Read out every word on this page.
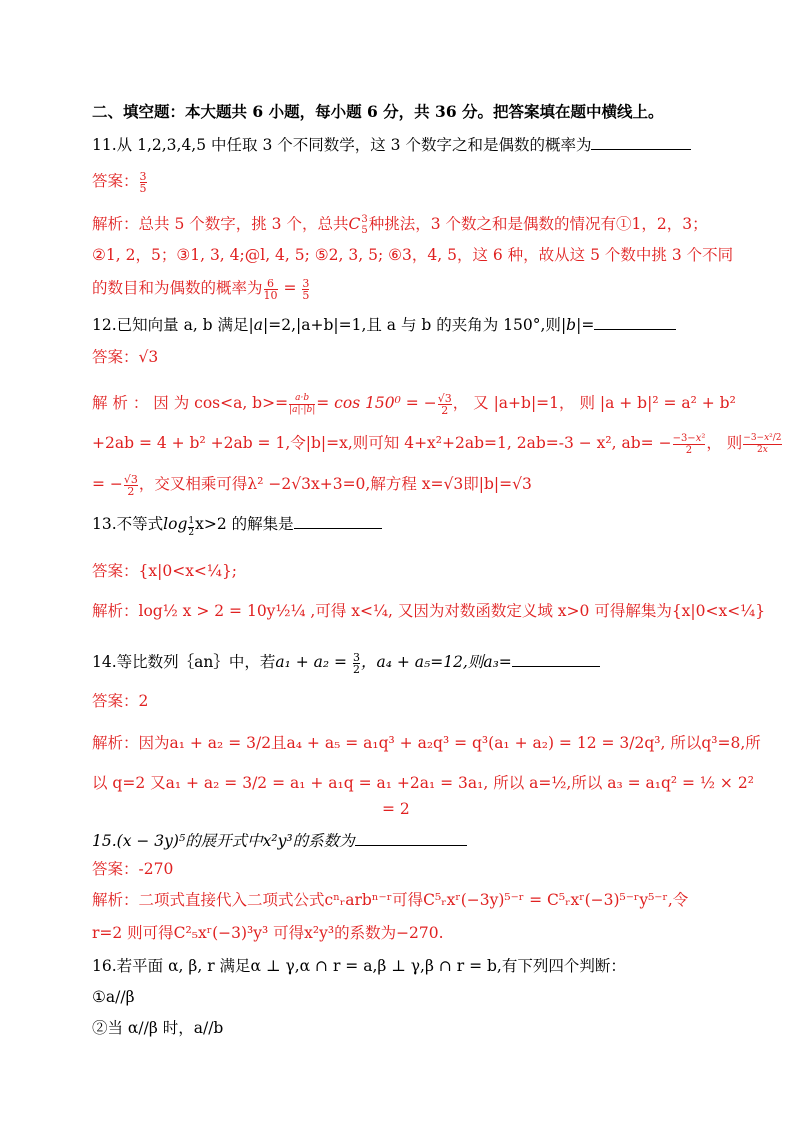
二、填空题：本大题共 6 小题，每小题 6 分，共 36 分。把答案填在题中横线上。
11.从 1,2,3,4,5 中任取 3 个不同数学，这 3 个数字之和是偶数的概率为
答案： $\frac{3}{5}$
解析：总共 5 个数字，挑 3 个，总共C 3
5 种挑法，3 个数之和是偶数的情况有①1，2，3；
②1, 2，5；③1, 3, 4;@l, 4, 5; ⑤2, 3, 5; ⑥3，4, 5，这 6 种，故从这 5 个数中挑 3 个不同
的数目和为偶数的概率为 $\frac{6}{10} = \frac{3}{5}$
12.已知向量 a, b 满足|a|=2,|a+b|=1,且 a 与 b 的夹角为 150°,则|b|=
答案：√3
解 析 ： 因 为 cos<a, $b>= \frac{a\cdot b}{|a|\cdot|b|} = \cos 150^0$ = − $\frac{√3}{2}$ ， 又 |a+b|=1， 则 |a + b|² = a² + b²
+2ab = 4 + b² +2ab = 1,令|b|=x,则可知 4+x²+2ab=1, 2ab=-3 − x², $ab= - \frac{\text{−3−x²}}{2}$ ， 则 $\frac{\text{−3−x²/2}}{2x}$
= − $\frac{√3}{2}$ ，交叉相乘可得λ² −2√3x+3=0,解方程 x=√3即|b|=√3
13.不等式$\log \frac{1}{2} x>2$ 的解集是
答案：{x|0<x<¼};
解析：log½ x > 2 = 10y½¼ ,可得 x<¼, 又因为对数函数定义域 x>0 可得解集为{x|0<x<¼}
14.等比数列｛an｝中，若$a_1 + a_2 = \frac{3}{2}$ ，a₄ + a₅=12,则a₃=
答案：2
解析：因为a₁ + a₂ = 3/2且a₄ + a₅ = a₁q³ + a₂q³ = q³(a₁ + a₂) = 12 = 3/2q³, 所以q³=8,所
以 q=2 又a₁ + a₂ = 3/2 = a₁ + a₁q = a₁ +2a₁ = 3a₁, 所以 a=½,所以 a₃ = a₁q² = ½ × 2²
= 2
15.(x − 3y)⁵的展开式中x²y³的系数为
答案：-270
解析：二项式直接代入二项式公式cⁿᵣarbⁿ⁻ʳ可得C⁵ᵣxʳ(−3y)⁵⁻ʳ = C⁵ᵣxʳ(−3)⁵⁻ʳy⁵⁻ʳ,令
r=2 则可得C²₅xʳ(−3)³y³ 可得x²y³的系数为−270.
16.若平面 α, β, r 满足α ⊥ γ,α ∩ r = a,β ⊥ γ,β ∩ r = b,有下列四个判断：
①a//β
②当 α//β 时，a//b
